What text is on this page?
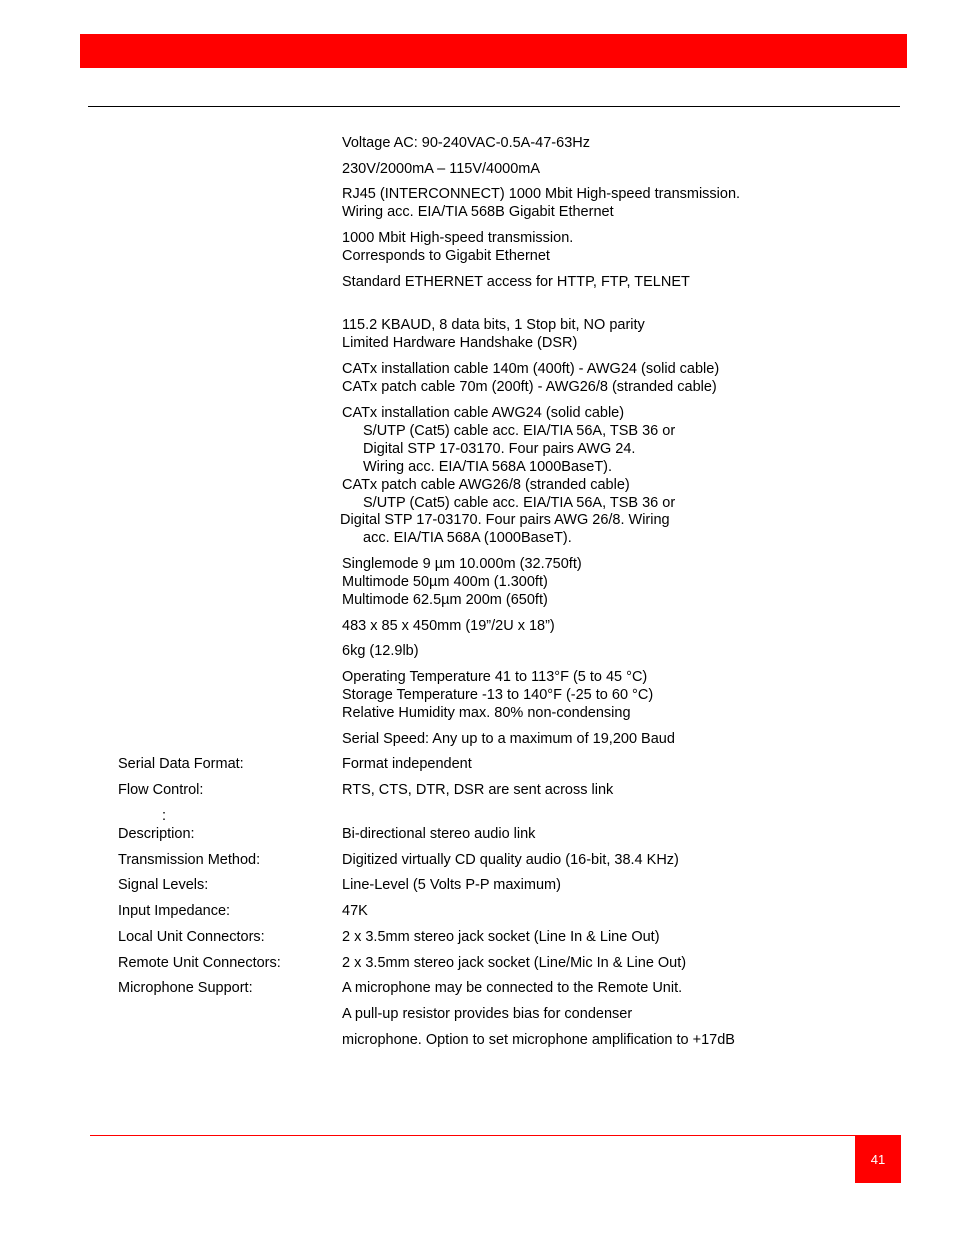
Voltage AC: 90-240VAC-0.5A-47-63Hz
230V/2000mA – 115V/4000mA
RJ45 (INTERCONNECT) 1000 Mbit High-speed transmission.
Wiring acc. EIA/TIA 568B Gigabit Ethernet
1000 Mbit High-speed transmission.
Corresponds to Gigabit Ethernet
Standard ETHERNET access for HTTP, FTP, TELNET
115.2 KBAUD, 8 data bits, 1 Stop bit, NO parity
Limited Hardware Handshake (DSR)
CATx installation cable 140m (400ft) - AWG24 (solid cable)
CATx patch cable 70m (200ft) - AWG26/8 (stranded cable)
CATx installation cable AWG24 (solid cable)
S/UTP (Cat5) cable acc. EIA/TIA 56A, TSB 36 or
Digital STP 17-03170. Four pairs AWG 24.
Wiring acc. EIA/TIA 568A 1000BaseT).
CATx patch cable AWG26/8 (stranded cable)
S/UTP (Cat5) cable acc. EIA/TIA 56A, TSB 36 or
Digital STP 17-03170. Four pairs AWG 26/8. Wiring
acc. EIA/TIA 568A (1000BaseT).
Singlemode 9 µm 10.000m (32.750ft)
Multimode 50µm 400m (1.300ft)
Multimode 62.5µm 200m (650ft)
483 x 85 x 450mm (19”/2U x 18”)
6kg (12.9lb)
Operating Temperature 41 to 113°F (5 to 45 °C)
Storage Temperature -13 to 140°F (-25 to 60 °C)
Relative Humidity max. 80% non-condensing
Serial Speed: Any up to a maximum of 19,200 Baud
Serial Data Format:	Format independent
Flow Control:	RTS, CTS, DTR, DSR are sent across link
:
Description:	Bi-directional stereo audio link
Transmission Method:	Digitized virtually CD quality audio (16-bit, 38.4 KHz)
Signal Levels:	Line-Level (5 Volts P-P maximum)
Input Impedance:	47K
Local Unit Connectors:	2 x 3.5mm stereo jack socket (Line In & Line Out)
Remote Unit Connectors:	2 x 3.5mm stereo jack socket (Line/Mic In & Line Out)
Microphone Support:	A microphone may be connected to the Remote Unit.
A pull-up resistor provides bias for condenser
microphone. Option to set microphone amplification to +17dB
41
